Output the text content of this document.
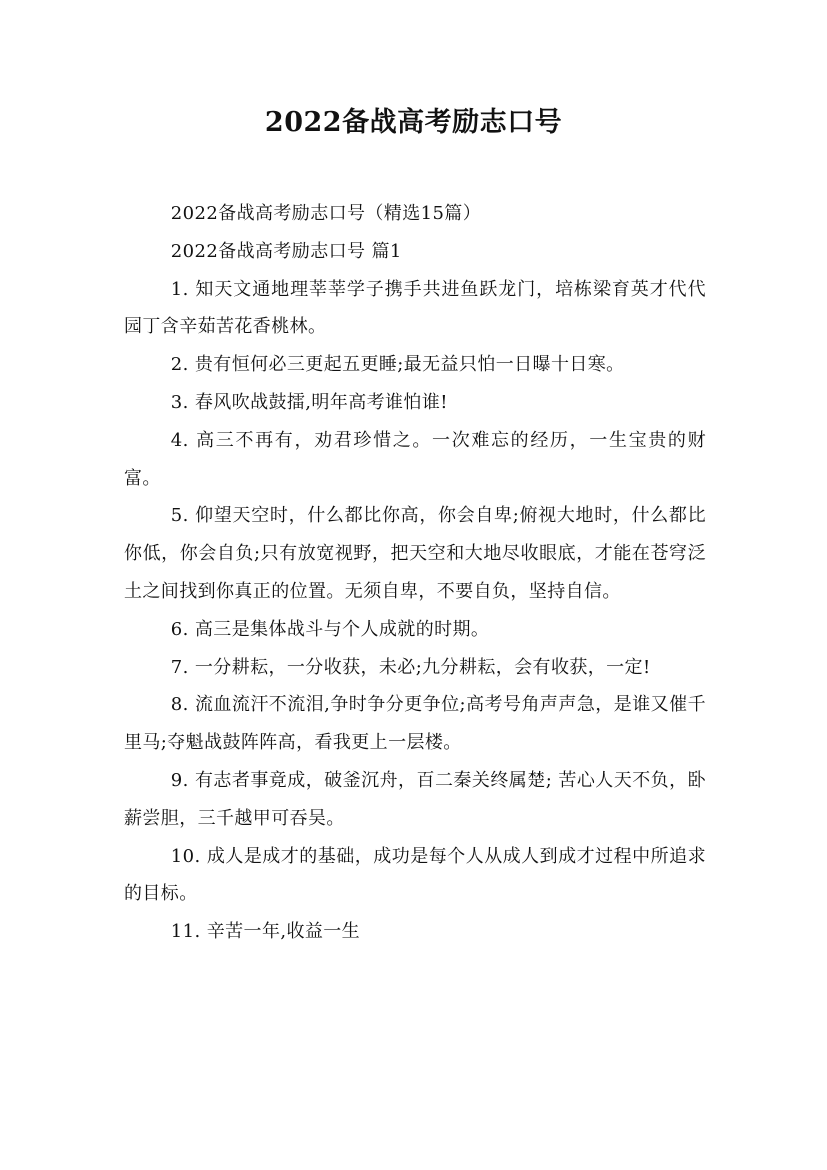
2022备战高考励志口号

2022备战高考励志口号（精选15篇）

2022备战高考励志口号 篇1

1. 知天文通地理莘莘学子携手共进鱼跃龙门，培栋梁育英才代代园丁含辛茹苦花香桃林。

2. 贵有恒何必三更起五更睡;最无益只怕一日曝十日寒。

3. 春风吹战鼓擂,明年高考谁怕谁!

4. 高三不再有，劝君珍惜之。一次难忘的经历，一生宝贵的财富。

5. 仰望天空时，什么都比你高，你会自卑;俯视大地时，什么都比你低，你会自负;只有放宽视野，把天空和大地尽收眼底，才能在苍穹泛土之间找到你真正的位置。无须自卑，不要自负，坚持自信。

6. 高三是集体战斗与个人成就的时期。

7. 一分耕耘，一分收获，未必;九分耕耘，会有收获，一定!

8. 流血流汗不流泪,争时争分更争位;高考号角声声急，是谁又催千里马;夺魁战鼓阵阵高，看我更上一层楼。

9. 有志者事竟成，破釜沉舟，百二秦关终属楚; 苦心人天不负，卧薪尝胆，三千越甲可吞吴。

10. 成人是成才的基础，成功是每个人从成人到成才过程中所追求的目标。

11. 辛苦一年,收益一生
